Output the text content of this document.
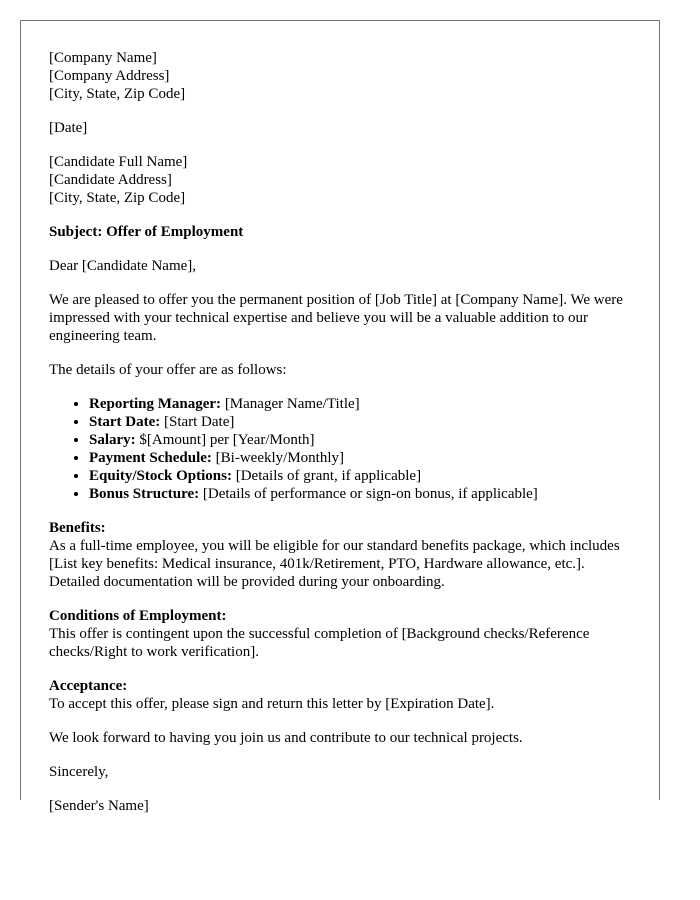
[Company Name]
[Company Address]
[City, State, Zip Code]

[Date]

[Candidate Full Name]
[Candidate Address]
[City, State, Zip Code]

Subject: Offer of Employment

Dear [Candidate Name],

We are pleased to offer you the permanent position of [Job Title] at [Company Name]. We were impressed with your technical expertise and believe you will be a valuable addition to our engineering team.

The details of your offer are as follows:

• Reporting Manager: [Manager Name/Title]
• Start Date: [Start Date]
• Salary: $[Amount] per [Year/Month]
• Payment Schedule: [Bi-weekly/Monthly]
• Equity/Stock Options: [Details of grant, if applicable]
• Bonus Structure: [Details of performance or sign-on bonus, if applicable]

Benefits:
As a full-time employee, you will be eligible for our standard benefits package, which includes [List key benefits: Medical insurance, 401k/Retirement, PTO, Hardware allowance, etc.]. Detailed documentation will be provided during your onboarding.

Conditions of Employment:
This offer is contingent upon the successful completion of [Background checks/Reference checks/Right to work verification].

Acceptance:
To accept this offer, please sign and return this letter by [Expiration Date].

We look forward to having you join us and contribute to our technical projects.

Sincerely,

[Sender's Name]
